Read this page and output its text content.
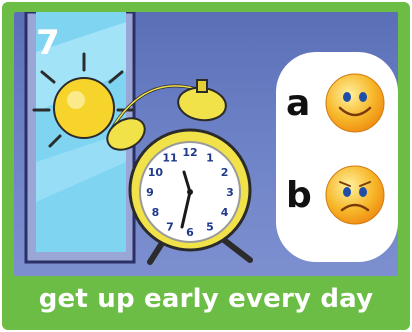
12 1
2
3
4
5
6
7
8
9
10
11
7
a
b
get up early every day
